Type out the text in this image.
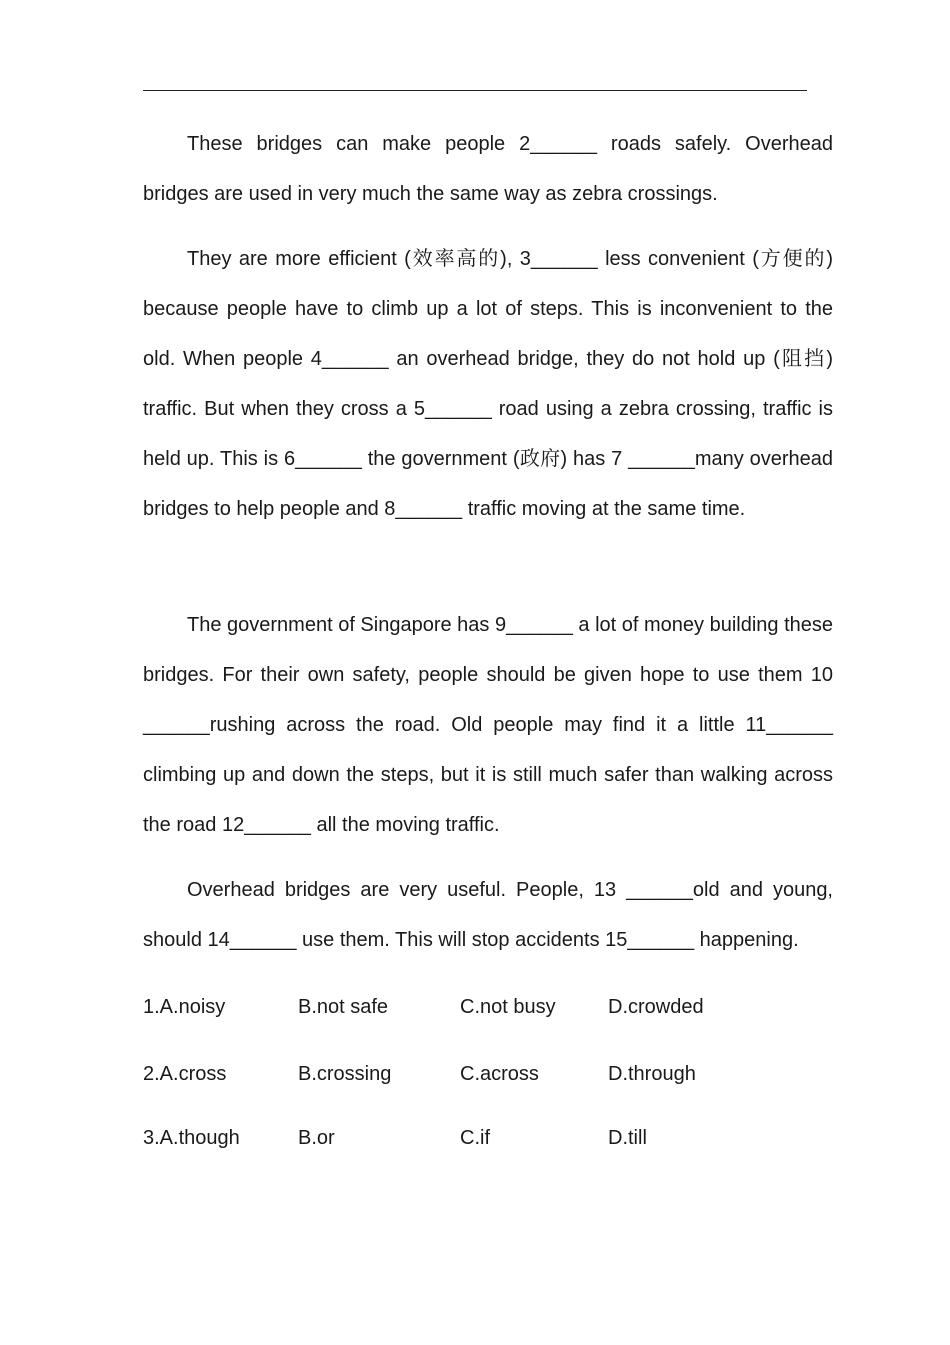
These bridges can make people 2______ roads safely. Overhead bridges are used in very much the same way as zebra crossings.

They are more efficient (效率高的), 3______ less convenient (方便的) because people have to climb up a lot of steps. This is inconvenient to the old. When people 4______ an overhead bridge, they do not hold up (阻挡) traffic. But when they cross a 5______ road using a zebra crossing, traffic is held up. This is 6______ the government (政府) has 7 ______many overhead bridges to help people and 8______ traffic moving at the same time.

The government of Singapore has 9______ a lot of money building these bridges. For their own safety, people should be given hope to use them 10 ______rushing across the road. Old people may find it a little 11______ climbing up and down the steps, but it is still much safer than walking across the road 12______ all the moving traffic.

Overhead bridges are very useful. People, 13 ______old and young, should 14______ use them. This will stop accidents 15______ happening.

1.A.noisy	B.not safe	C.not busy	D.crowded
2.A.cross	B.crossing	C.across	D.through
3.A.though	B.or	C.if	D.till
